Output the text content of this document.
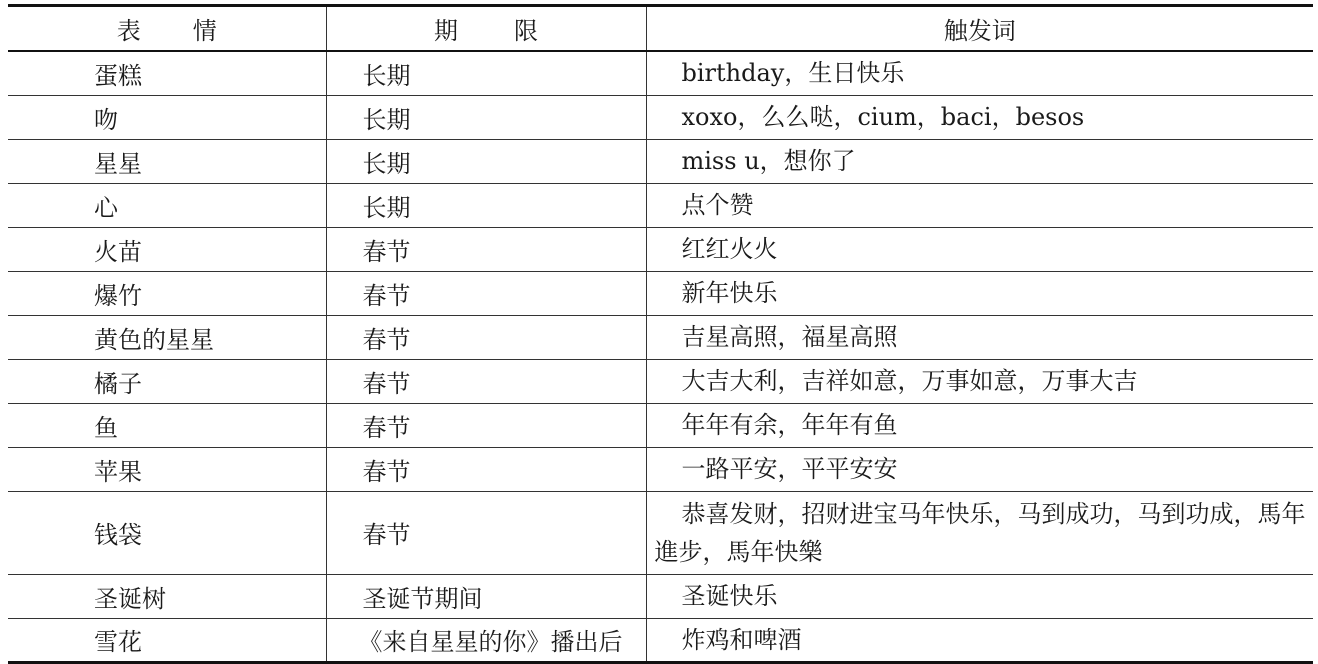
表情	期限	触发词
蛋糕	长期	birthday，生日快乐
吻	长期	xoxo，么么哒，cium，baci，besos
星星	长期	miss u，想你了
心	长期	点个赞
火苗	春节	红红火火
爆竹	春节	新年快乐
黄色的星星	春节	吉星高照，福星高照
橘子	春节	大吉大利，吉祥如意，万事如意，万事大吉
鱼	春节	年年有余，年年有鱼
苹果	春节	一路平安，平平安安
钱袋	春节	恭喜发财，招财进宝马年快乐，马到成功，马到功成，馬年進步，馬年快樂
圣诞树	圣诞节期间	圣诞快乐
雪花	《来自星星的你》播出后	炸鸡和啤酒
